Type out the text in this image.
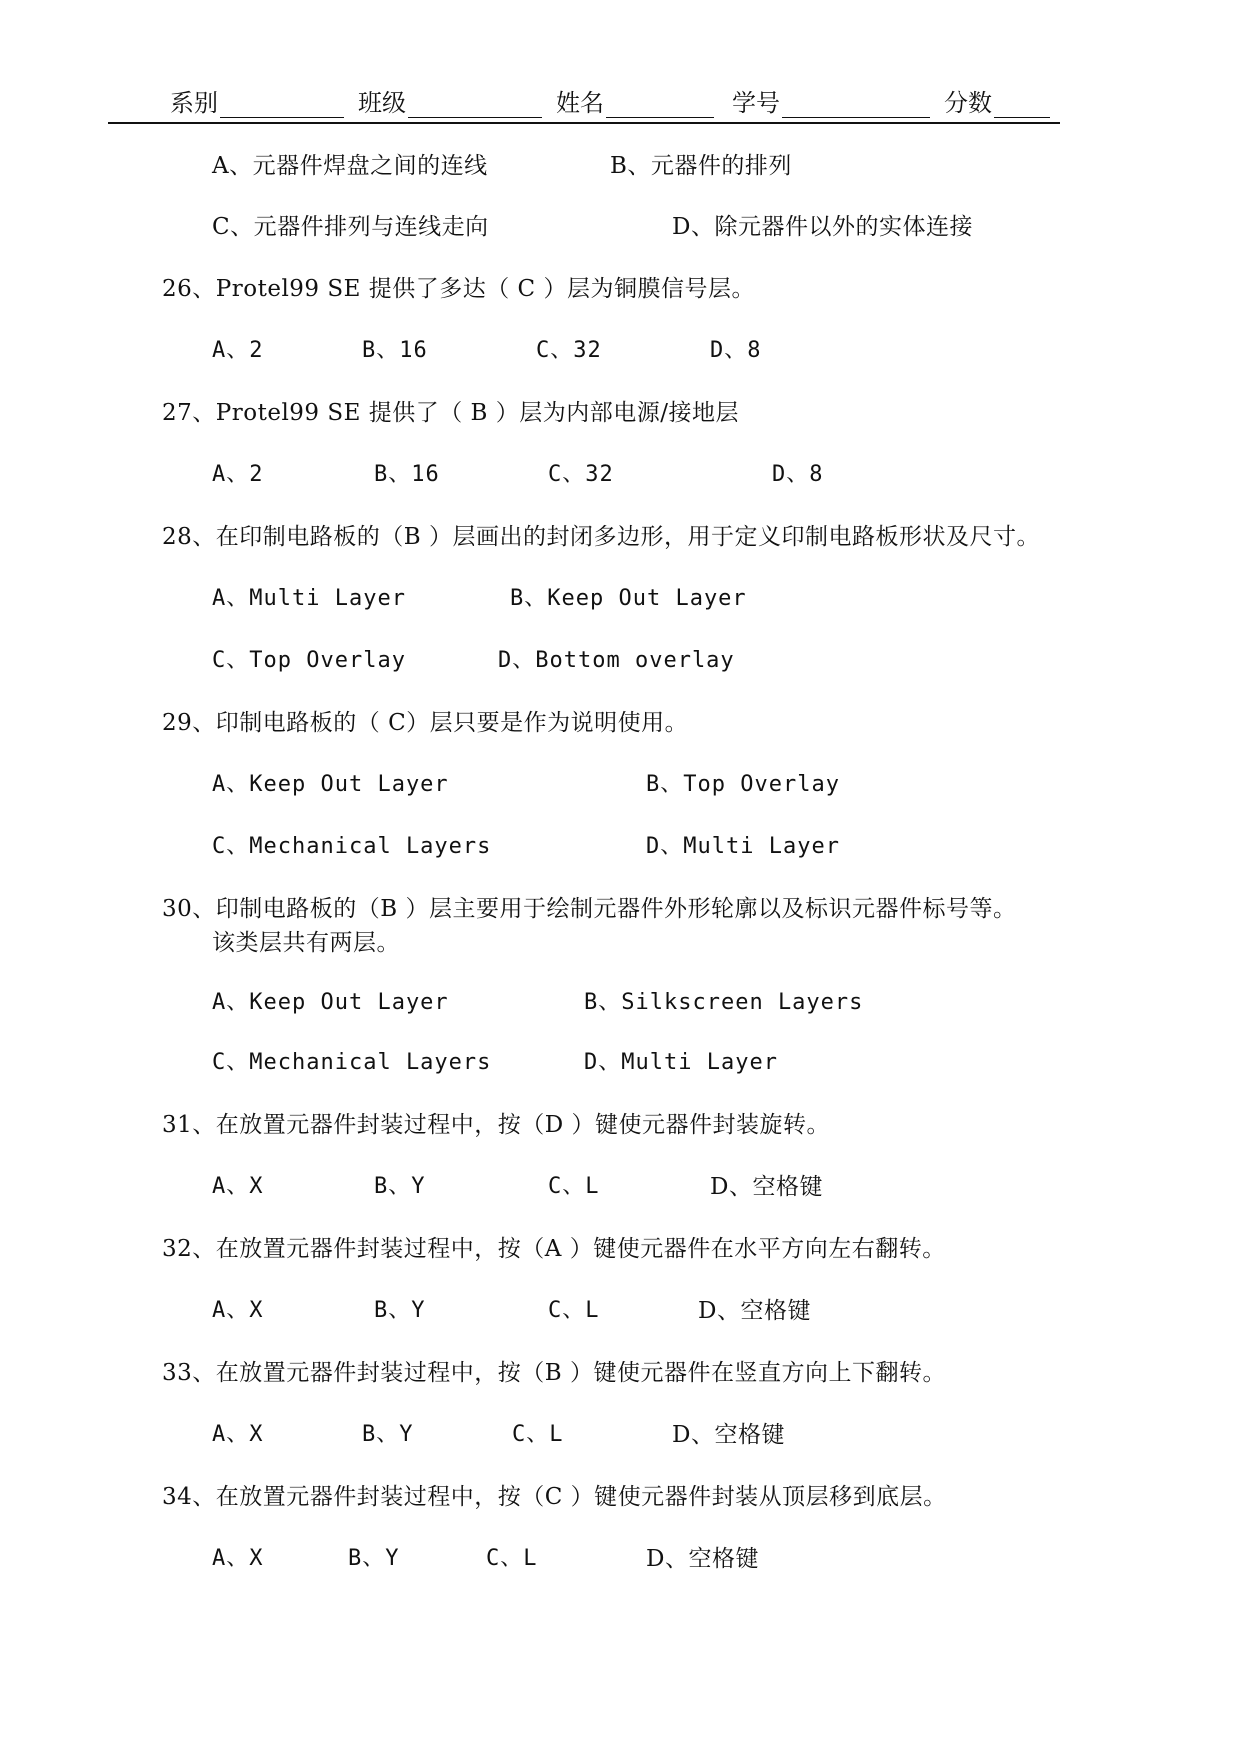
系别	班级	姓名	学号	分数
A、元器件焊盘之间的连线	B、元器件的排列
C、元器件排列与连线走向	D、除元器件以外的实体连接
26、Protel99 SE 提供了多达（ C ）层为铜膜信号层。
A、2	B、16	C、32	D、8
27、Protel99 SE 提供了（ B ）层为内部电源/接地层
A、2	B、16	C、32	D、8
28、在印制电路板的（B ）层画出的封闭多边形，用于定义印制电路板形状及尺寸。
A、Multi Layer	B、Keep Out Layer
C、Top Overlay	D、Bottom overlay
29、印制电路板的（ C）层只要是作为说明使用。
A、Keep Out Layer	B、Top Overlay
C、Mechanical Layers	D、Multi Layer
30、印制电路板的（B ）层主要用于绘制元器件外形轮廓以及标识元器件标号等。
该类层共有两层。
A、Keep Out Layer	B、Silkscreen Layers
C、Mechanical Layers	D、Multi Layer
31、在放置元器件封装过程中，按（D ）键使元器件封装旋转。
A、X	B、Y	C、L	D、空格键
32、在放置元器件封装过程中，按（A ）键使元器件在水平方向左右翻转。
A、X	B、Y	C、L	D、空格键
33、在放置元器件封装过程中，按（B ）键使元器件在竖直方向上下翻转。
A、X	B、Y	C、L	D、空格键
34、在放置元器件封装过程中，按（C ）键使元器件封装从顶层移到底层。
A、X	B、Y	C、L	D、空格键
